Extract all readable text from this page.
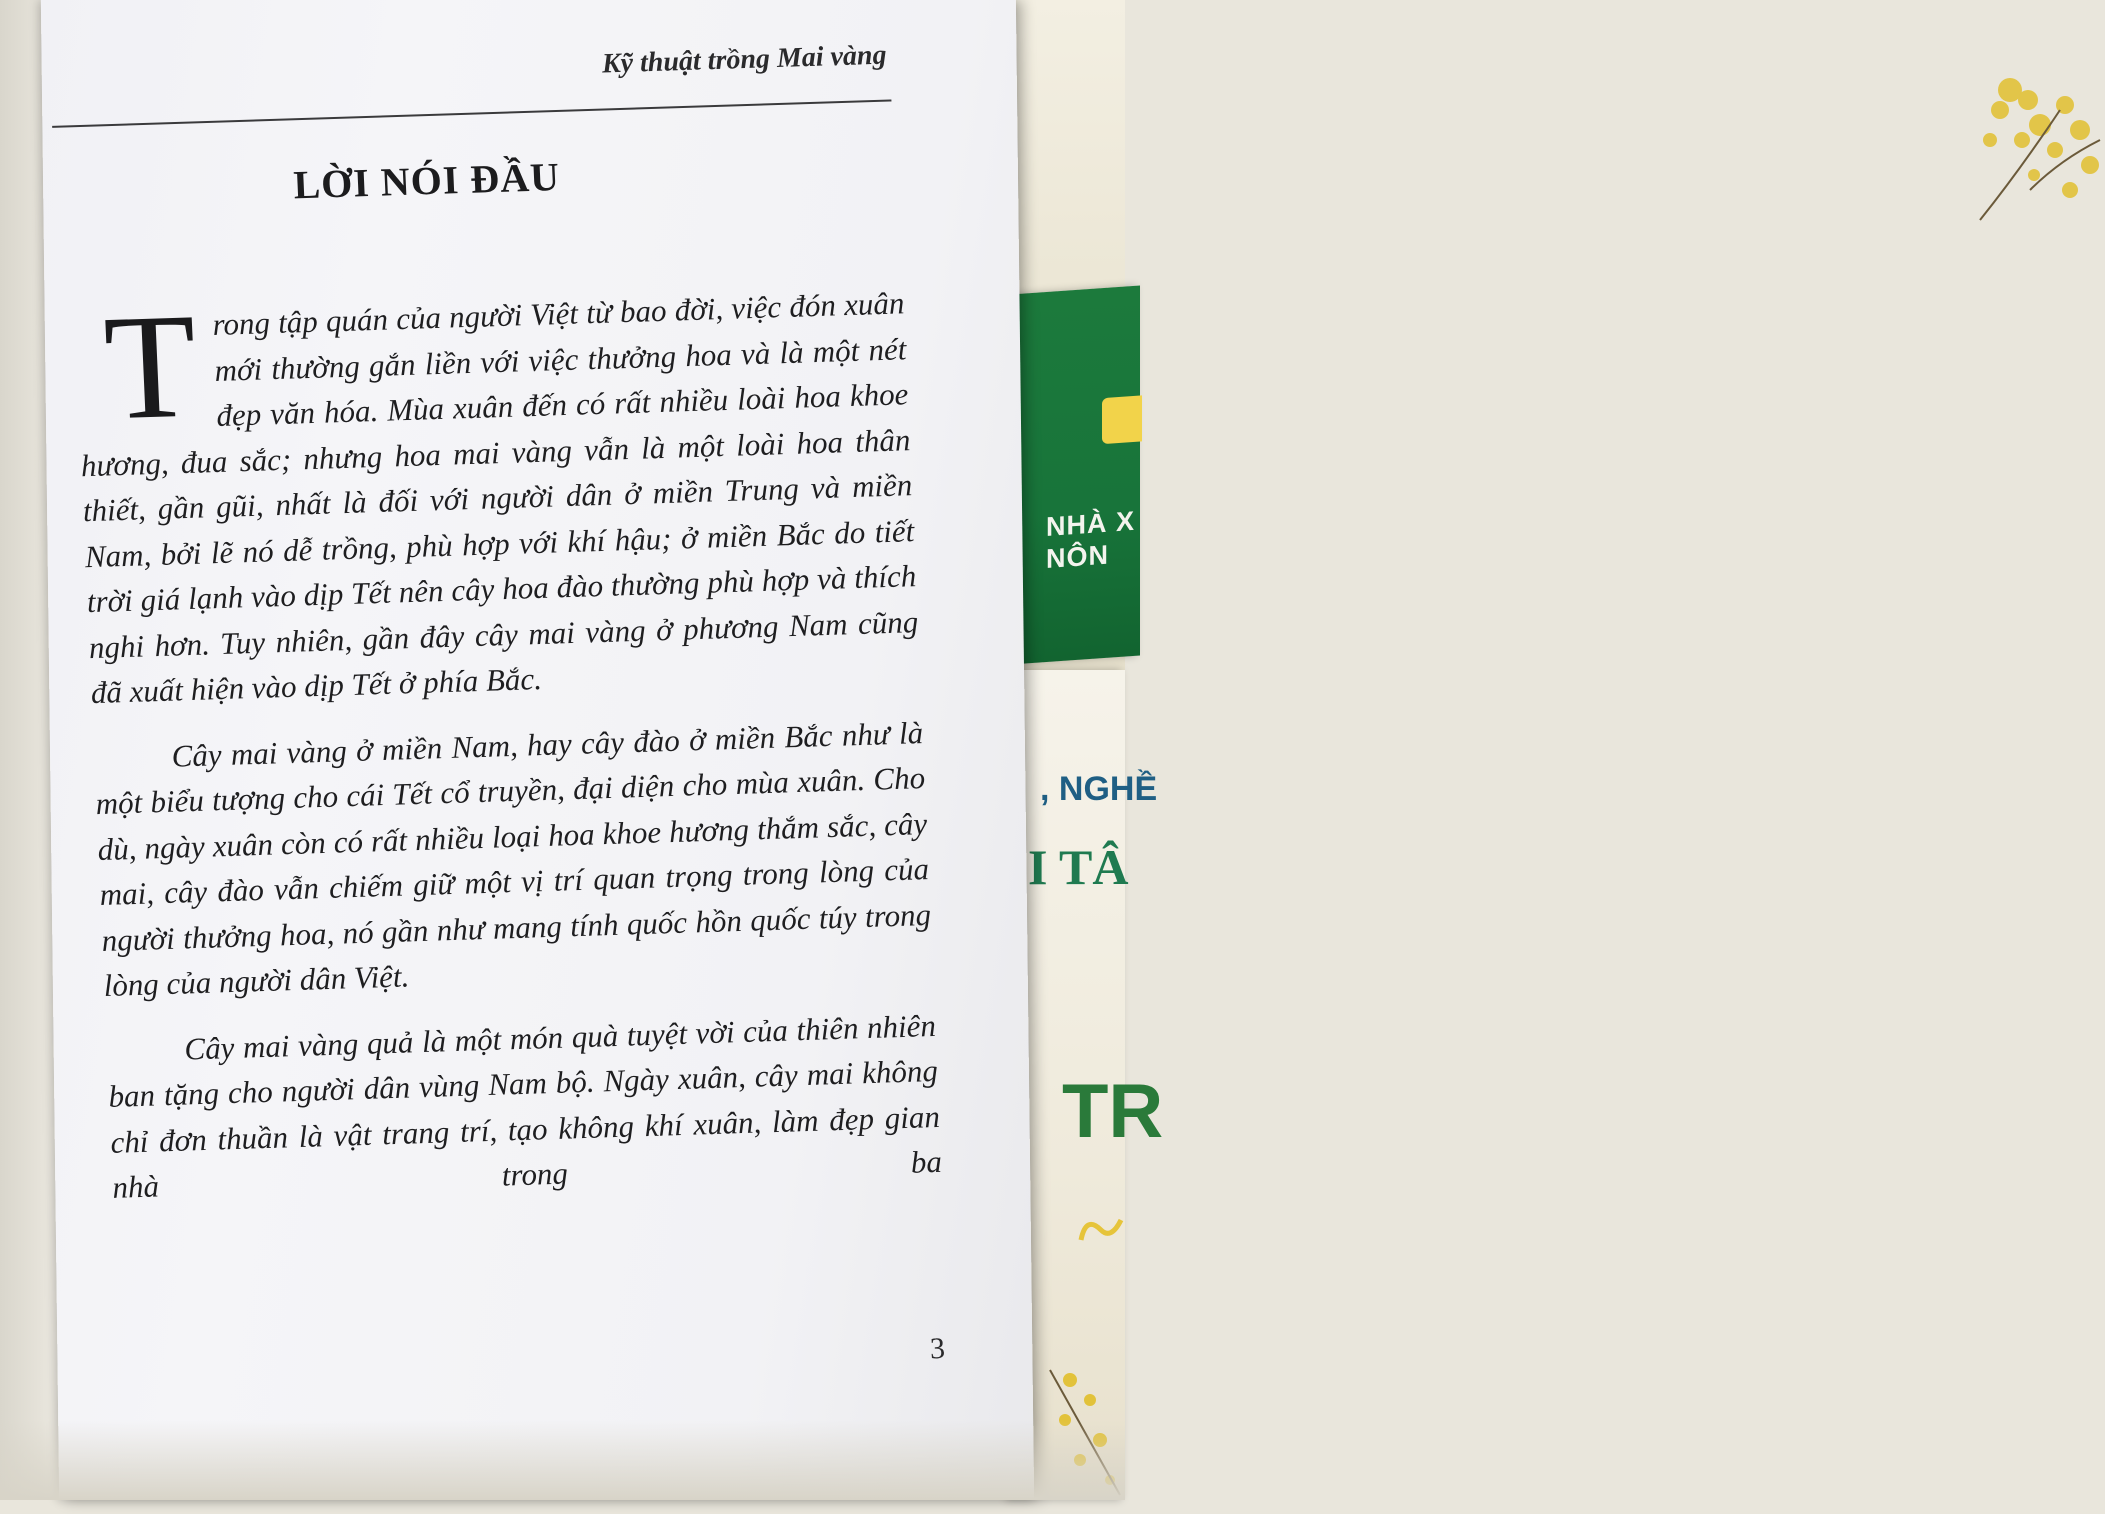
NHÀ X
NÔN
, NGHỀ
I TÂ
TR
Kỹ thuật trồng Mai vàng
LỜI NÓI ĐẦU

Trong tập quán của người Việt từ bao đời, việc đón xuân mới thường gắn liền với việc thưởng hoa và là một nét đẹp văn hóa. Mùa xuân đến có rất nhiều loài hoa khoe hương, đua sắc; nhưng hoa mai vàng vẫn là một loài hoa thân thiết, gần gũi, nhất là đối với người dân ở miền Trung và miền Nam, bởi lẽ nó dễ trồng, phù hợp với khí hậu; ở miền Bắc do tiết trời giá lạnh vào dịp Tết nên cây hoa đào thường phù hợp và thích nghi hơn. Tuy nhiên, gần đây cây mai vàng ở phương Nam cũng đã xuất hiện vào dịp Tết ở phía Bắc.

Cây mai vàng ở miền Nam, hay cây đào ở miền Bắc như là một biểu tượng cho cái Tết cổ truyền, đại diện cho mùa xuân. Cho dù, ngày xuân còn có rất nhiều loại hoa khoe hương thắm sắc, cây mai, cây đào vẫn chiếm giữ một vị trí quan trọng trong lòng của người thưởng hoa, nó gần như mang tính quốc hồn quốc túy trong lòng của người dân Việt.

Cây mai vàng quả là một món quà tuyệt vời của thiên nhiên ban tặng cho người dân vùng Nam bộ. Ngày xuân, cây mai không chỉ đơn thuần là vật trang trí, tạo không khí xuân, làm đẹp gian nhà trong ba

3
